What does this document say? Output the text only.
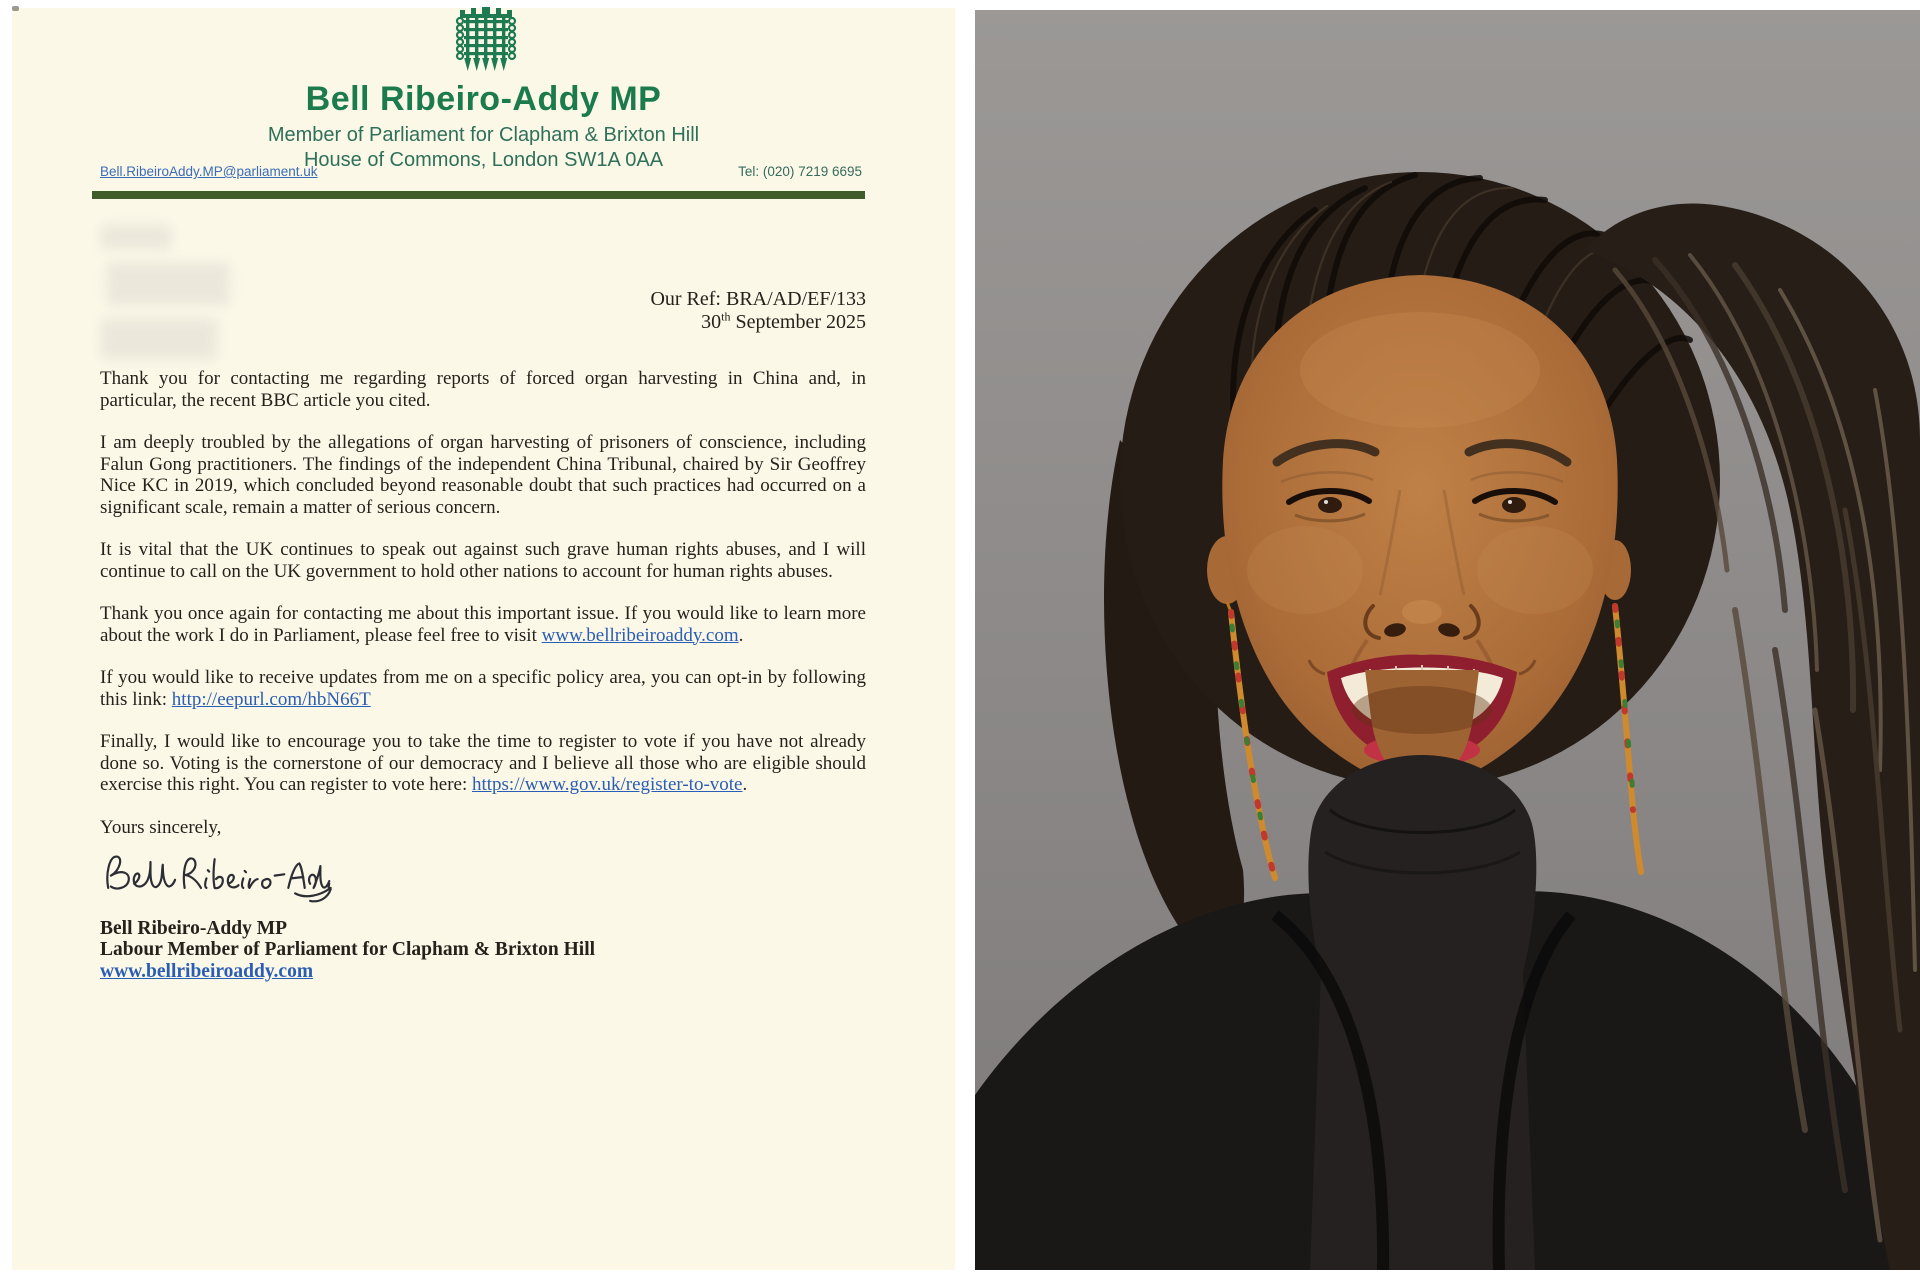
Bell Ribeiro-Addy MP
Member of Parliament for Clapham & Brixton Hill
House of Commons, London SW1A 0AA
Bell.RibeiroAddy.MP@parliament.uk	Tel: (020) 7219 6695
Our Ref: BRA/AD/EF/133
30th September 2025

Thank you for contacting me regarding reports of forced organ harvesting in China and, in particular, the recent BBC article you cited.

I am deeply troubled by the allegations of organ harvesting of prisoners of conscience, including Falun Gong practitioners. The findings of the independent China Tribunal, chaired by Sir Geoffrey Nice KC in 2019, which concluded beyond reasonable doubt that such practices had occurred on a significant scale, remain a matter of serious concern.

It is vital that the UK continues to speak out against such grave human rights abuses, and I will continue to call on the UK government to hold other nations to account for human rights abuses.

Thank you once again for contacting me about this important issue. If you would like to learn more about the work I do in Parliament, please feel free to visit www.bellribeiroaddy.com.

If you would like to receive updates from me on a specific policy area, you can opt-in by following this link: http://eepurl.com/hbN66T

Finally, I would like to encourage you to take the time to register to vote if you have not already done so. Voting is the cornerstone of our democracy and I believe all those who are eligible should exercise this right. You can register to vote here: https://www.gov.uk/register-to-vote.

Yours sincerely,

Bell Ribeiro-Addy MP
Labour Member of Parliament for Clapham & Brixton Hill
www.bellribeiroaddy.com
